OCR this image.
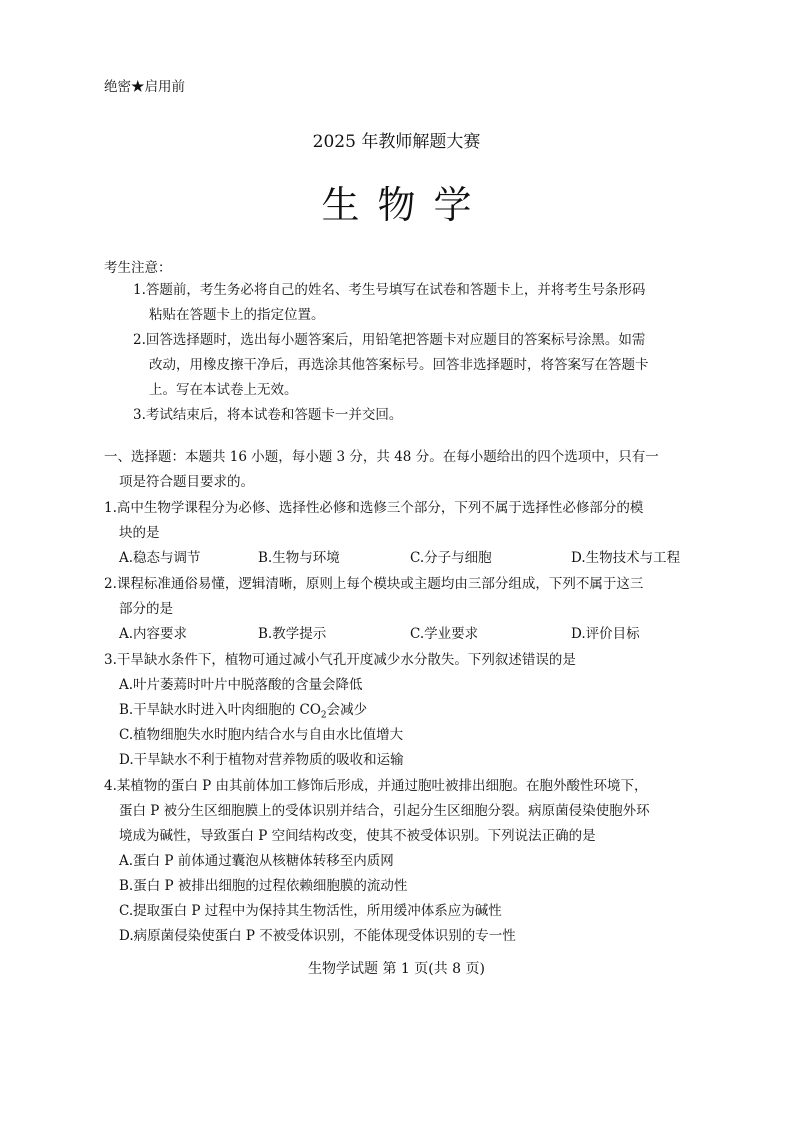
绝密★启用前
2025 年教师解题大赛
生物学
考生注意：
1.答题前，考生务必将自己的姓名、考生号填写在试卷和答题卡上，并将考生号条形码
粘贴在答题卡上的指定位置。
2.回答选择题时，选出每小题答案后，用铅笔把答题卡对应题目的答案标号涂黑。如需
改动，用橡皮擦干净后，再选涂其他答案标号。回答非选择题时，将答案写在答题卡
上。写在本试卷上无效。
3.考试结束后，将本试卷和答题卡一并交回。
一、选择题：本题共 16 小题，每小题 3 分，共 48 分。在每小题给出的四个选项中，只有一
项是符合题目要求的。
1.高中生物学课程分为必修、选择性必修和选修三个部分，下列不属于选择性必修部分的模
块的是
A.稳态与调节	B.生物与环境	C.分子与细胞	D.生物技术与工程
2.课程标准通俗易懂，逻辑清晰，原则上每个模块或主题均由三部分组成，下列不属于这三
部分的是
A.内容要求	B.教学提示	C.学业要求	D.评价目标
3.干旱缺水条件下，植物可通过减小气孔开度减少水分散失。下列叙述错误的是
A.叶片萎蔫时叶片中脱落酸的含量会降低
B.干旱缺水时进入叶肉细胞的 $CO_2$会减少
C.植物细胞失水时胞内结合水与自由水比值增大
D.干旱缺水不利于植物对营养物质的吸收和运输
4.某植物的蛋白 P 由其前体加工修饰后形成，并通过胞吐被排出细胞。在胞外酸性环境下，
蛋白 P 被分生区细胞膜上的受体识别并结合，引起分生区细胞分裂。病原菌侵染使胞外环
境成为碱性，导致蛋白 P 空间结构改变，使其不被受体识别。下列说法正确的是
A.蛋白 P 前体通过囊泡从核糖体转移至内质网
B.蛋白 P 被排出细胞的过程依赖细胞膜的流动性
C.提取蛋白 P 过程中为保持其生物活性，所用缓冲体系应为碱性
D.病原菌侵染使蛋白 P 不被受体识别，不能体现受体识别的专一性
生物学试题 第 1 页(共 8 页)
